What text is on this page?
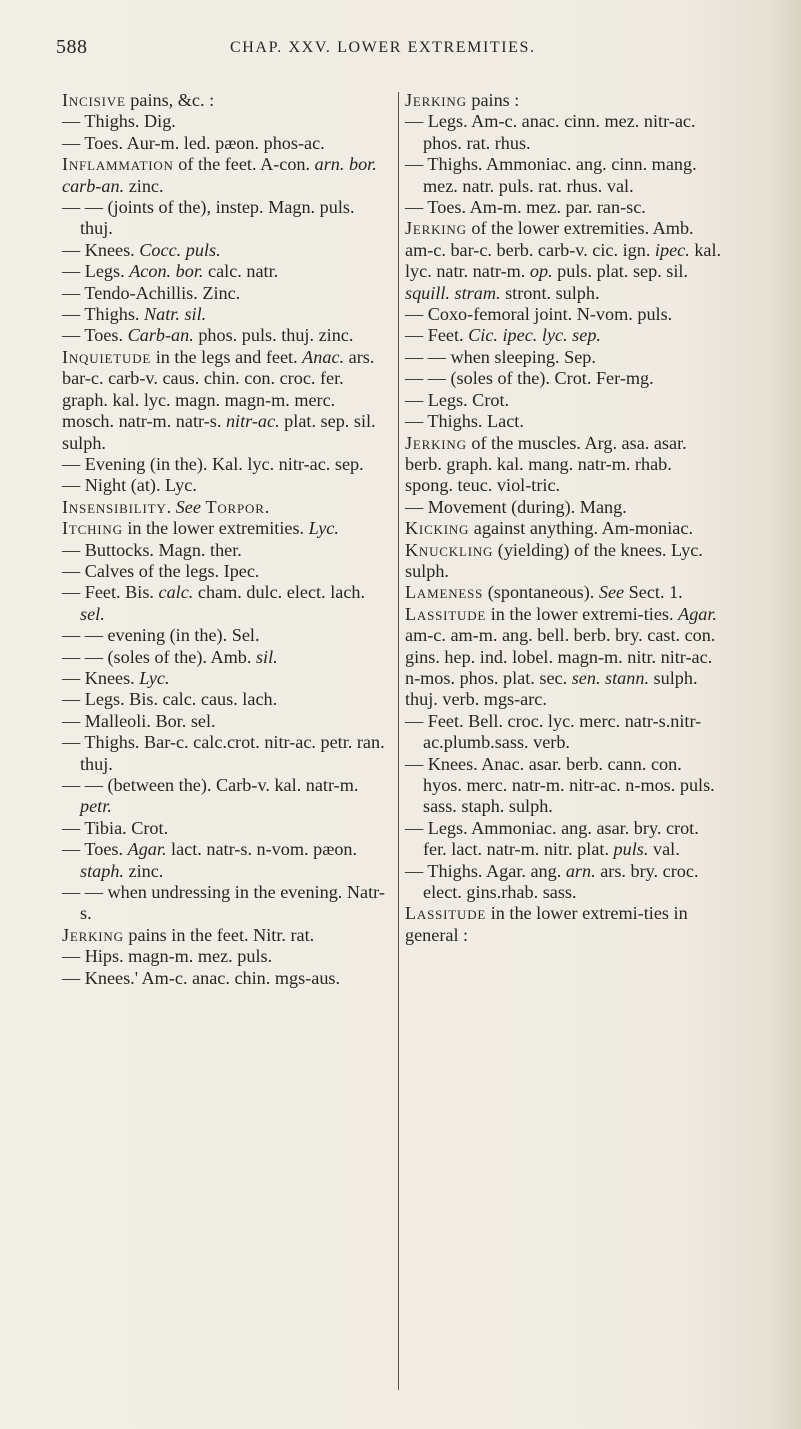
588	CHAP. XXV. LOWER EXTREMITIES.

Incisive pains, &c. :

— Thighs. Dig.

— Toes. Aur-m. led. pæon. phos-ac.

Inflammation of the feet. A-con. arn. bor. carb-an. zinc.

— — (joints of the), instep. Magn. puls. thuj.

— Knees. Cocc. puls.

— Legs. Acon. bor. calc. natr.

— Tendo-Achillis. Zinc.

— Thighs. Natr. sil.

— Toes. Carb-an. phos. puls. thuj. zinc.

Inquietude in the legs and feet. Anac. ars. bar-c. carb-v. caus. chin. con. croc. fer. graph. kal. lyc. magn. magn-m. merc. mosch. natr-m. natr-s. nitr-ac. plat. sep. sil. sulph.

— Evening (in the). Kal. lyc. nitr-ac. sep.

— Night (at). Lyc.

Insensibility. See Torpor.

Itching in the lower extremities. Lyc.

— Buttocks. Magn. ther.

— Calves of the legs. Ipec.

— Feet. Bis. calc. cham. dulc. elect. lach. sel.

— — evening (in the). Sel.

— — (soles of the). Amb. sil.

— Knees. Lyc.

— Legs. Bis. calc. caus. lach.

— Malleoli. Bor. sel.

— Thighs. Bar-c. calc.crot. nitr-ac. petr. ran. thuj.

— — (between the). Carb-v. kal. natr-m. petr.

— Tibia. Crot.

— Toes. Agar. lact. natr-s. n-vom. pæon. staph. zinc.

— — when undressing in the evening. Natr-s.

Jerking pains in the feet. Nitr. rat.

— Hips. magn-m. mez. puls.

— Knees.' Am-c. anac. chin. mgs-aus.

Jerking pains :

— Legs. Am-c. anac. cinn. mez. nitr-ac. phos. rat. rhus.

— Thighs. Ammoniac. ang. cinn. mang. mez. natr. puls. rat. rhus. val.

— Toes. Am-m. mez. par. ran-sc.

Jerking of the lower extremities. Amb. am-c. bar-c. berb. carb-v. cic. ign. ipec. kal. lyc. natr. natr-m. op. puls. plat. sep. sil. squill. stram. stront. sulph.

— Coxo-femoral joint. N-vom. puls.

— Feet. Cic. ipec. lyc. sep.

— — when sleeping. Sep.

— — (soles of the). Crot. Fer-mg.

— Legs. Crot.

— Thighs. Lact.

Jerking of the muscles. Arg. asa. asar. berb. graph. kal. mang. natr-m. rhab. spong. teuc. viol-tric.

— Movement (during). Mang.

Kicking against anything. Am-moniac.

Knuckling (yielding) of the knees. Lyc. sulph.

Lameness (spontaneous). See Sect. 1.

Lassitude in the lower extremi-ties. Agar. am-c. am-m. ang. bell. berb. bry. cast. con. gins. hep. ind. lobel. magn-m. nitr. nitr-ac. n-mos. phos. plat. sec. sen. stann. sulph. thuj. verb. mgs-arc.

— Feet. Bell. croc. lyc. merc. natr-s.nitr-ac.plumb.sass. verb.

— Knees. Anac. asar. berb. cann. con. hyos. merc. natr-m. nitr-ac. n-mos. puls. sass. staph. sulph.

— Legs. Ammoniac. ang. asar. bry. crot. fer. lact. natr-m. nitr. plat. puls. val.

— Thighs. Agar. ang. arn. ars. bry. croc. elect. gins.rhab. sass.

Lassitude in the lower extremi-ties in general :
